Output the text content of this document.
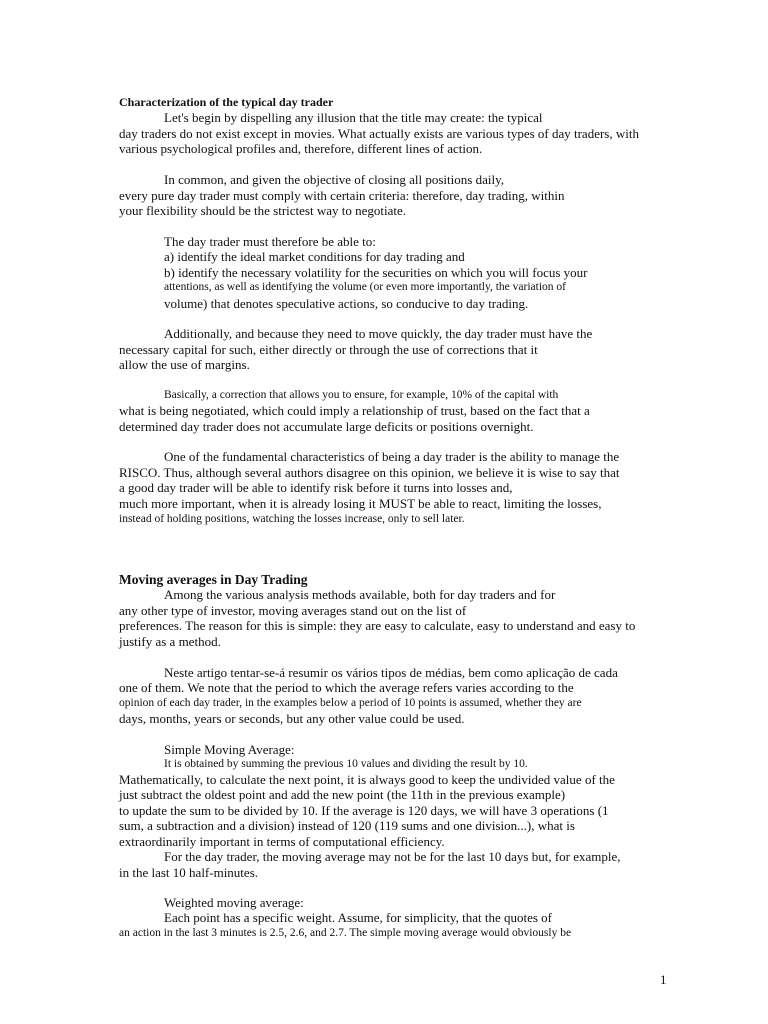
Characterization of the typical day trader
Let's begin by dispelling any illusion that the title may create: the typical
day traders do not exist except in movies. What actually exists are various types of day traders, with
various psychological profiles and, therefore, different lines of action.
In common, and given the objective of closing all positions daily,
every pure day trader must comply with certain criteria: therefore, day trading, within
your flexibility should be the strictest way to negotiate.
The day trader must therefore be able to:
a) identify the ideal market conditions for day trading and
b) identify the necessary volatility for the securities on which you will focus your
attentions, as well as identifying the volume (or even more importantly, the variation of
volume) that denotes speculative actions, so conducive to day trading.
Additionally, and because they need to move quickly, the day trader must have the
necessary capital for such, either directly or through the use of corrections that it
allow the use of margins.
Basically, a correction that allows you to ensure, for example, 10% of the capital with
what is being negotiated, which could imply a relationship of trust, based on the fact that a
determined day trader does not accumulate large deficits or positions overnight.
One of the fundamental characteristics of being a day trader is the ability to manage the
RISCO. Thus, although several authors disagree on this opinion, we believe it is wise to say that
a good day trader will be able to identify risk before it turns into losses and,
much more important, when it is already losing it MUST be able to react, limiting the losses,
instead of holding positions, watching the losses increase, only to sell later.
Moving averages in Day Trading
Among the various analysis methods available, both for day traders and for
any other type of investor, moving averages stand out on the list of
preferences. The reason for this is simple: they are easy to calculate, easy to understand and easy to
justify as a method.
Neste artigo tentar-se-á resumir os vários tipos de médias, bem como aplicação de cada
one of them. We note that the period to which the average refers varies according to the
opinion of each day trader, in the examples below a period of 10 points is assumed, whether they are
days, months, years or seconds, but any other value could be used.
Simple Moving Average:
It is obtained by summing the previous 10 values and dividing the result by 10.
Mathematically, to calculate the next point, it is always good to keep the undivided value of the
just subtract the oldest point and add the new point (the 11th in the previous example)
to update the sum to be divided by 10. If the average is 120 days, we will have 3 operations (1
sum, a subtraction and a division) instead of 120 (119 sums and one division...), what is
extraordinarily important in terms of computational efficiency.
For the day trader, the moving average may not be for the last 10 days but, for example,
in the last 10 half-minutes.
Weighted moving average:
Each point has a specific weight. Assume, for simplicity, that the quotes of
an action in the last 3 minutes is 2.5, 2.6, and 2.7. The simple moving average would obviously be
1
